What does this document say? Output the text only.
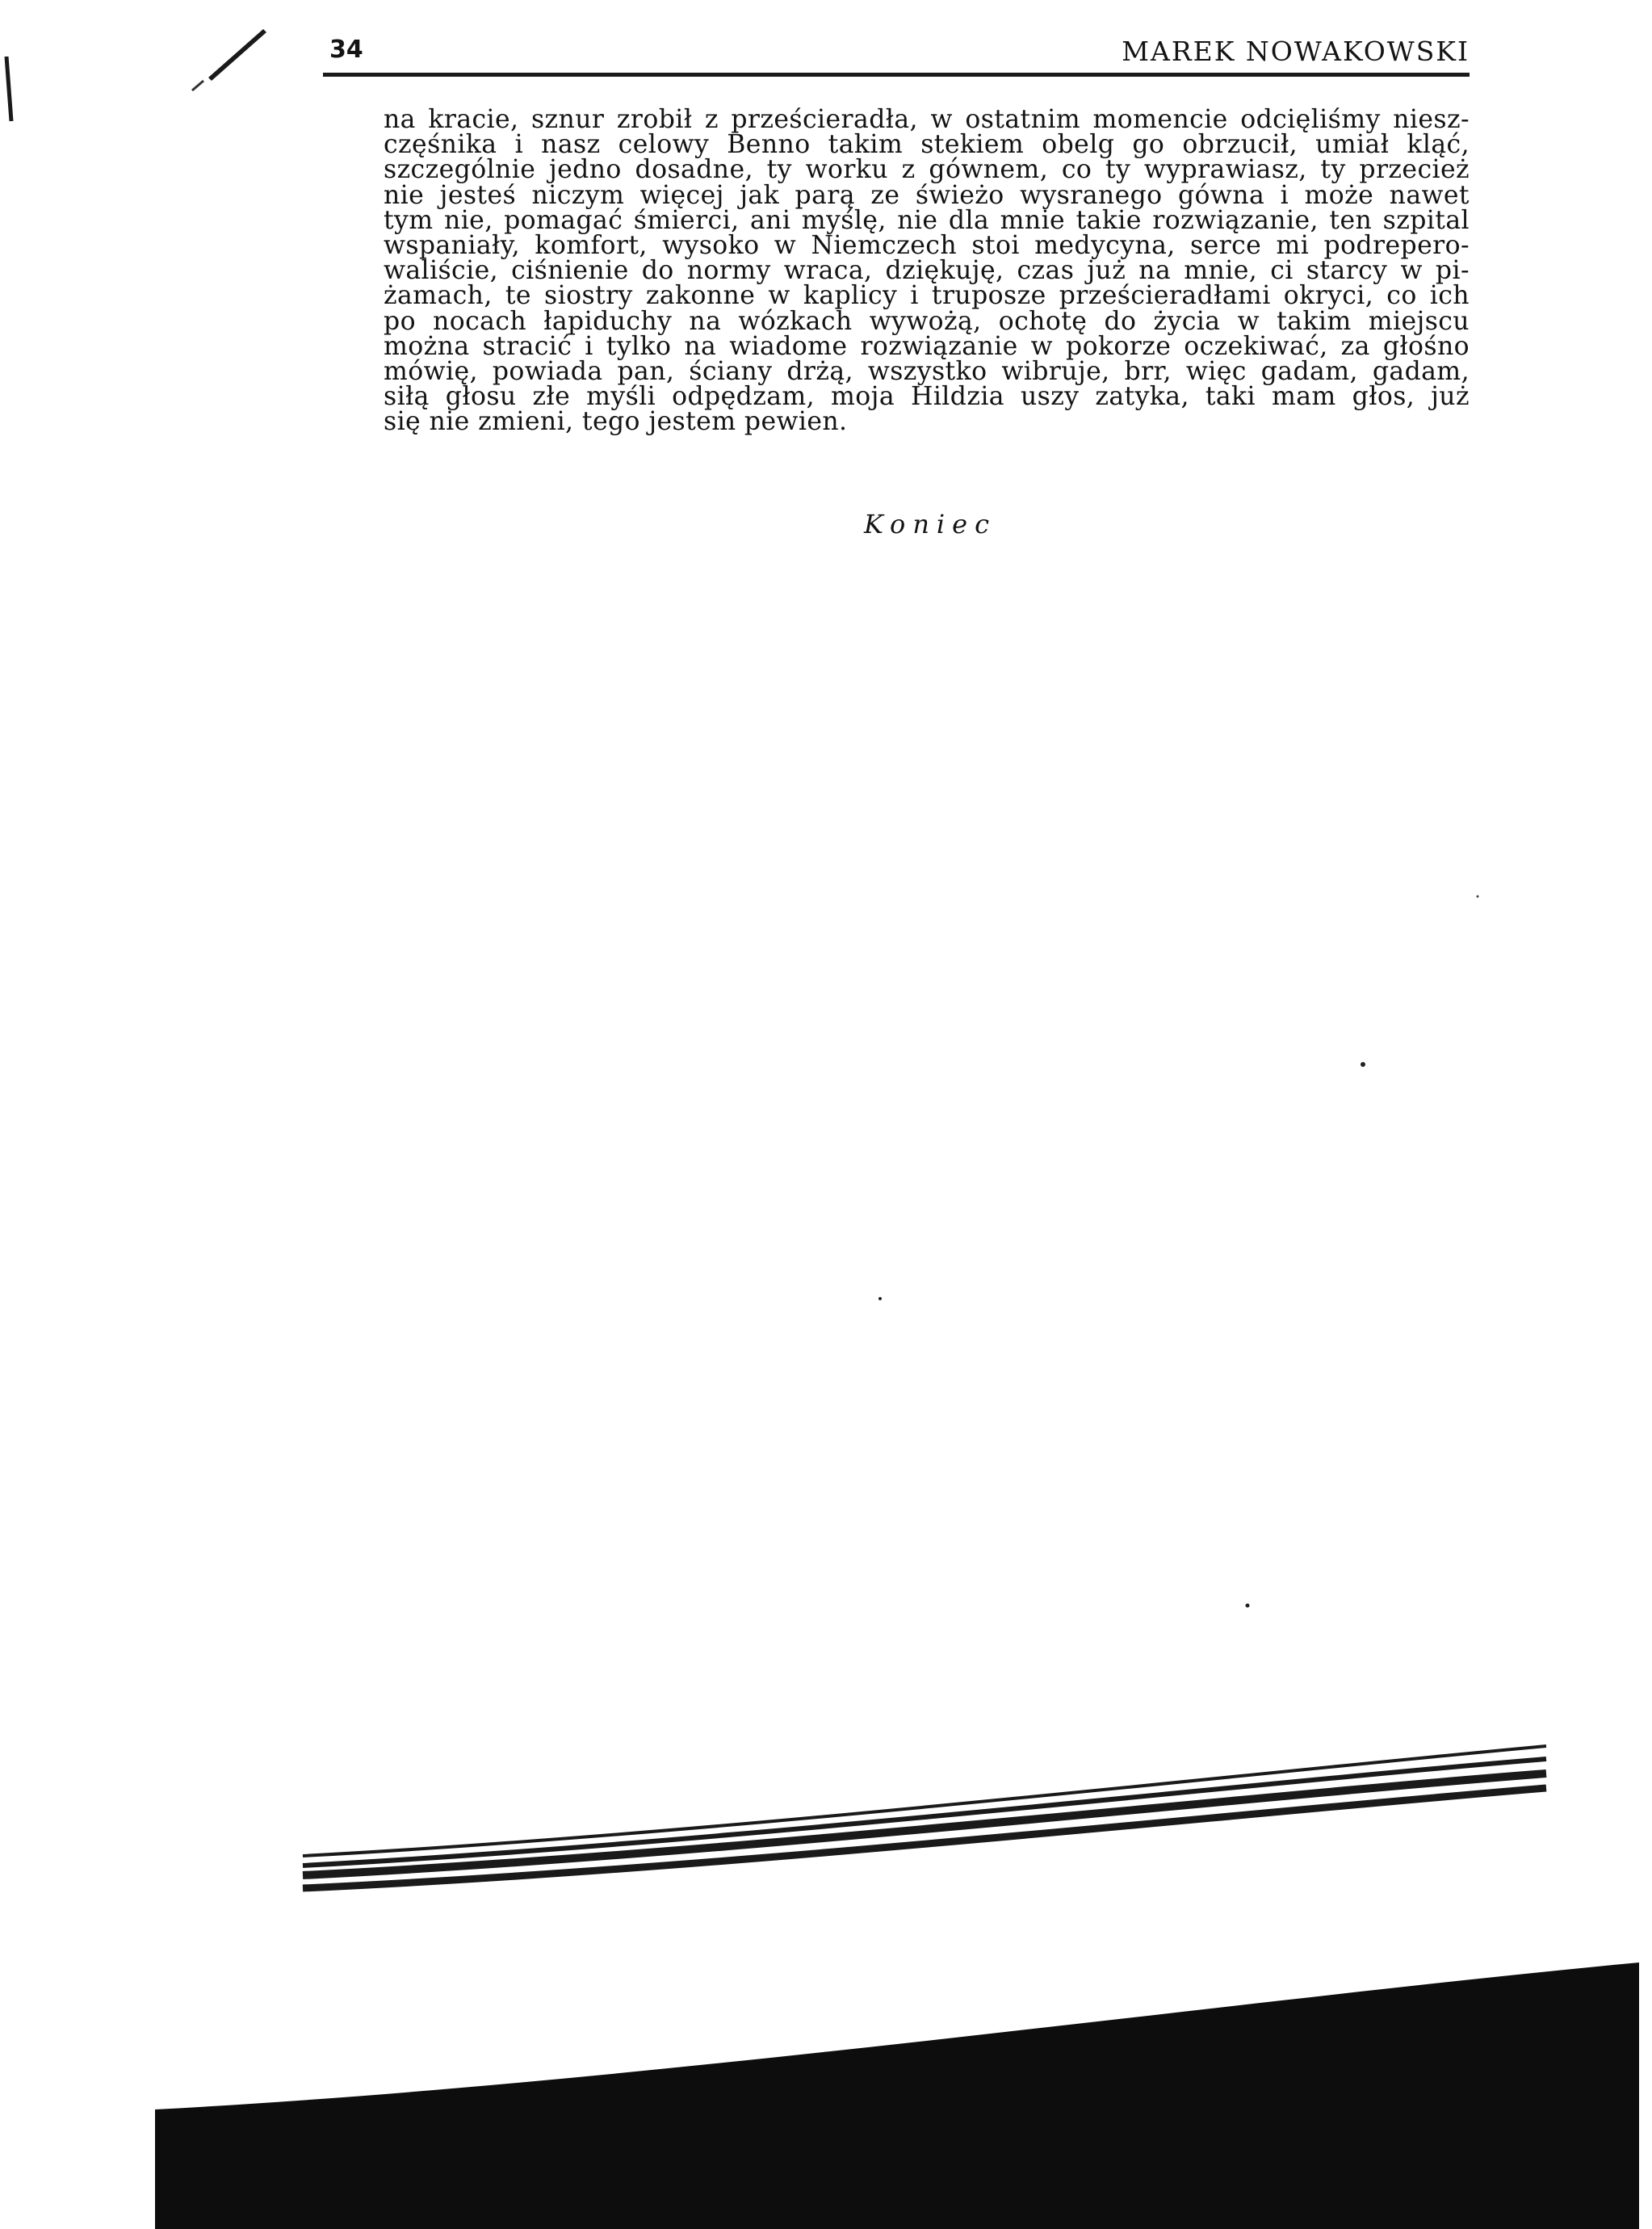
34	MAREK NOWAKOWSKI

na kracie, sznur zrobił z prześcieradła, w ostatnim momencie odcięliśmy niesz-
częśnika i nasz celowy Benno takim stekiem obelg go obrzucił, umiał kląć,
szczególnie jedno dosadne, ty worku z gównem, co ty wyprawiasz, ty przecież
nie jesteś niczym więcej jak parą ze świeżo wysranego gówna i może nawet
tym nie, pomagać śmierci, ani myślę, nie dla mnie takie rozwiązanie, ten szpital
wspaniały, komfort, wysoko w Niemczech stoi medycyna, serce mi podrepero-
waliście, ciśnienie do normy wraca, dziękuję, czas już na mnie, ci starcy w pi-
żamach, te siostry zakonne w kaplicy i truposze prześcieradłami okryci, co ich
po nocach łapiduchy na wózkach wywożą, ochotę do życia w takim miejscu
można stracić i tylko na wiadome rozwiązanie w pokorze oczekiwać, za głośno
mówię, powiada pan, ściany drżą, wszystko wibruje, brr, więc gadam, gadam,
siłą głosu złe myśli odpędzam, moja Hildzia uszy zatyka, taki mam głos, już
się nie zmieni, tego jestem pewien.

Koniec
